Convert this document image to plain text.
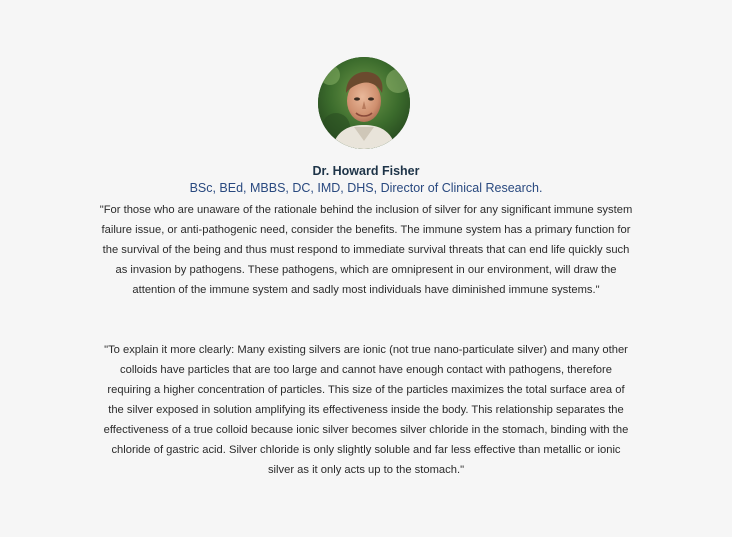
Dr. Howard Fisher
BSc, BEd, MBBS, DC, IMD, DHS, Director of Clinical Research.

"For those who are unaware of the rationale behind the inclusion of silver for any significant immune system failure issue, or anti-pathogenic need, consider the benefits. The immune system has a primary function for the survival of the being and thus must respond to immediate survival threats that can end life quickly such as invasion by pathogens. These pathogens, which are omnipresent in our environment, will draw the attention of the immune system and sadly most individuals have diminished immune systems."

"To explain it more clearly: Many existing silvers are ionic (not true nano-particulate silver) and many other colloids have particles that are too large and cannot have enough contact with pathogens, therefore requiring a higher concentration of particles. This size of the particles maximizes the total surface area of the silver exposed in solution amplifying its effectiveness inside the body. This relationship separates the effectiveness of a true colloid because ionic silver becomes silver chloride in the stomach, binding with the chloride of gastric acid. Silver chloride is only slightly soluble and far less effective than metallic or ionic silver as it only acts up to the stomach."
